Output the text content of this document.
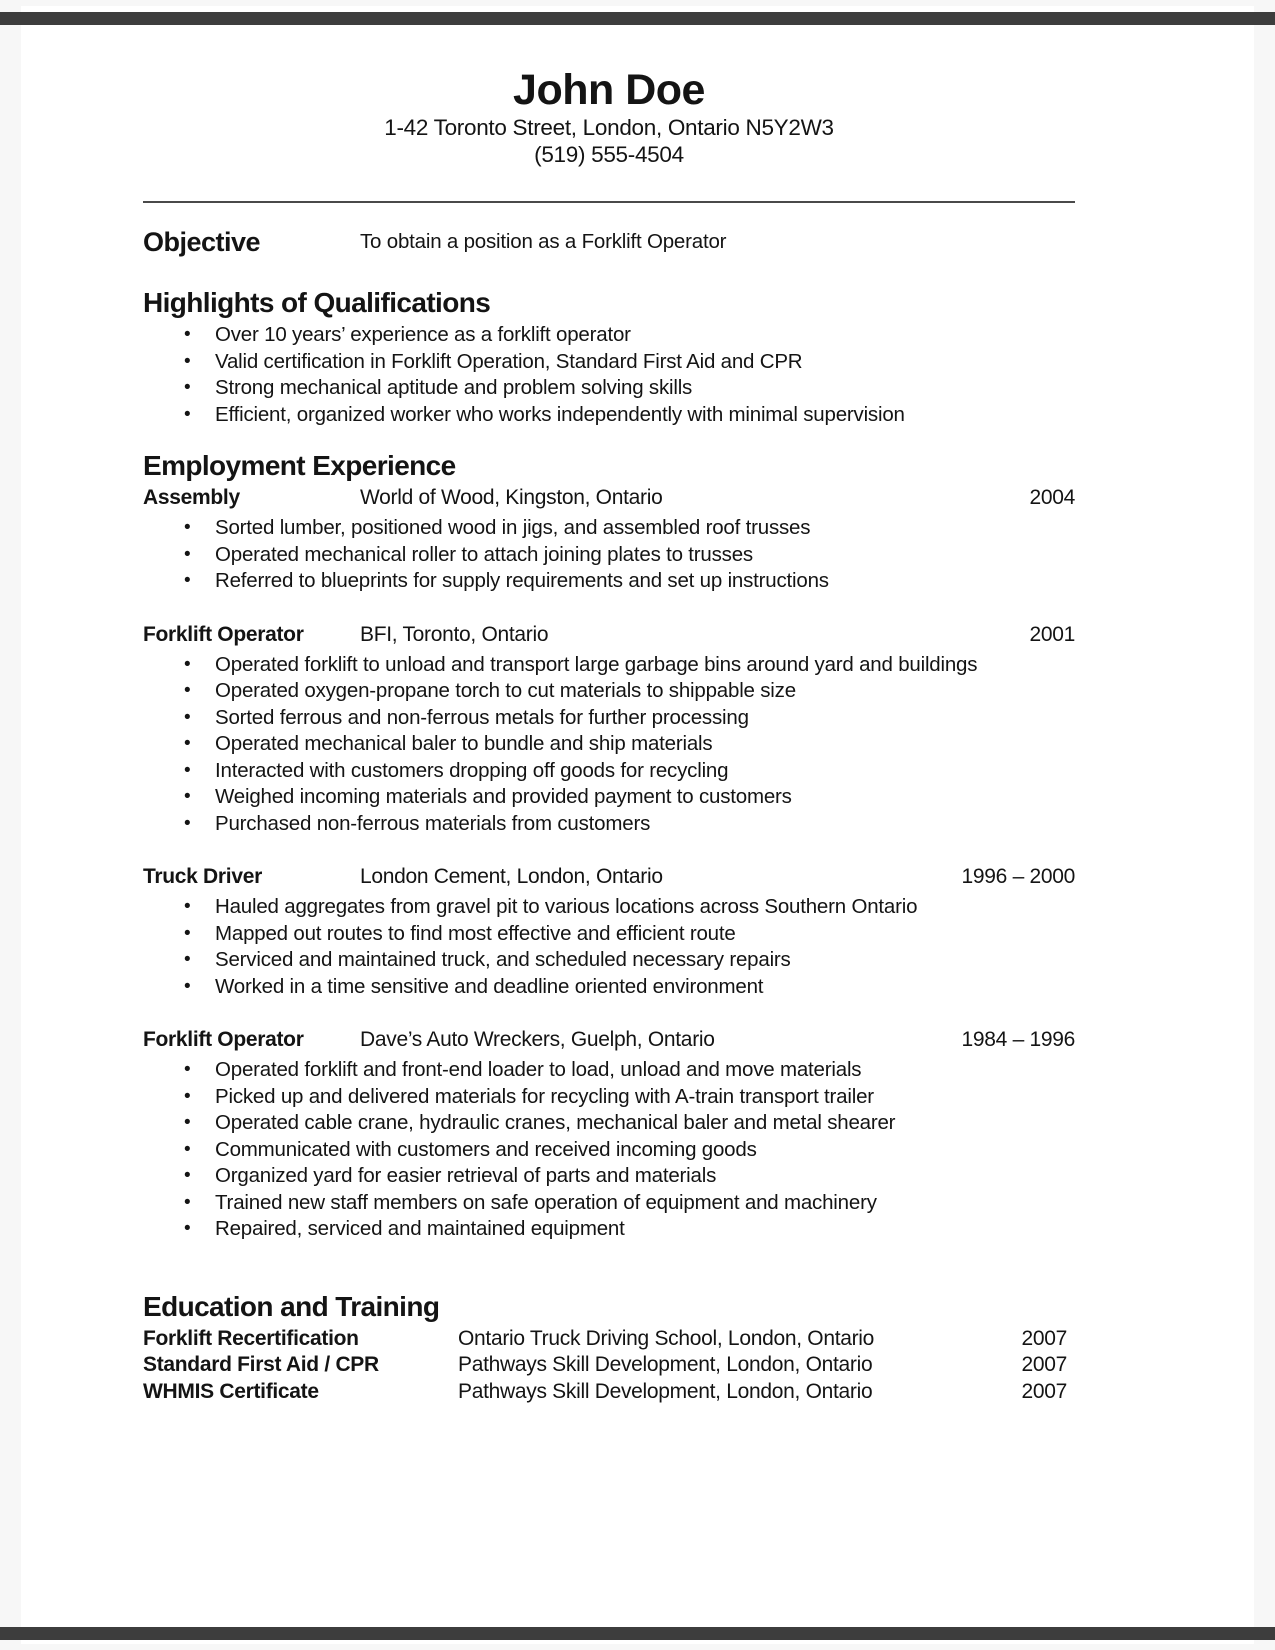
John Doe
1-42 Toronto Street, London, Ontario N5Y2W3
(519) 555-4504
Objective	To obtain a position as a Forklift Operator
Highlights of Qualifications
• Over 10 years’ experience as a forklift operator
• Valid certification in Forklift Operation, Standard First Aid and CPR
• Strong mechanical aptitude and problem solving skills
• Efficient, organized worker who works independently with minimal supervision
Employment Experience
Assembly	World of Wood, Kingston, Ontario	2004
• Sorted lumber, positioned wood in jigs, and assembled roof trusses
• Operated mechanical roller to attach joining plates to trusses
• Referred to blueprints for supply requirements and set up instructions
Forklift Operator	BFI, Toronto, Ontario	2001
• Operated forklift to unload and transport large garbage bins around yard and buildings
• Operated oxygen-propane torch to cut materials to shippable size
• Sorted ferrous and non-ferrous metals for further processing
• Operated mechanical baler to bundle and ship materials
• Interacted with customers dropping off goods for recycling
• Weighed incoming materials and provided payment to customers
• Purchased non-ferrous materials from customers
Truck Driver	London Cement, London, Ontario	1996 – 2000
• Hauled aggregates from gravel pit to various locations across Southern Ontario
• Mapped out routes to find most effective and efficient route
• Serviced and maintained truck, and scheduled necessary repairs
• Worked in a time sensitive and deadline oriented environment
Forklift Operator	Dave’s Auto Wreckers, Guelph, Ontario	1984 – 1996
• Operated forklift and front-end loader to load, unload and move materials
• Picked up and delivered materials for recycling with A-train transport trailer
• Operated cable crane, hydraulic cranes, mechanical baler and metal shearer
• Communicated with customers and received incoming goods
• Organized yard for easier retrieval of parts and materials
• Trained new staff members on safe operation of equipment and machinery
• Repaired, serviced and maintained equipment
Education and Training
Forklift Recertification	Ontario Truck Driving School, London, Ontario	2007
Standard First Aid / CPR	Pathways Skill Development, London, Ontario	2007
WHMIS Certificate	Pathways Skill Development, London, Ontario	2007
